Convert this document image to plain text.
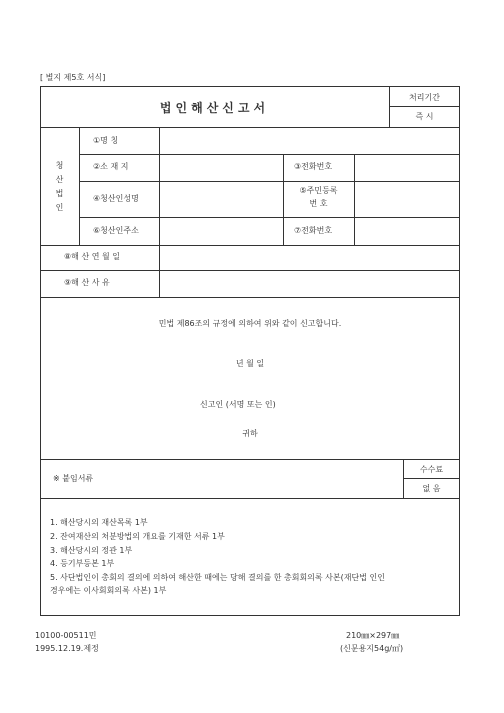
[ 별지 제5호 서식]
법인해산신고서
처리기간
즉 시
청
산
법
인
①명 칭
②소 재 지	③전화번호
④청산인성명
⑤주민등록
번 호
⑥청산인주소	⑦전화번호
⑧해 산 연 월 일
⑨해 산 사 유
민법 제86조의 규정에 의하여 위와 같이 신고합니다.
년 월 일
신고인 (서명 또는 인)
귀하
※ 붙임서류
수수료
없 음
1. 해산당시의 재산목록 1부
2. 잔여재산의 처분방법의 개요를 기재한 서류 1부
3. 해산당시의 정관 1부
4. 등기부등본 1부
5. 사단법인이 총회의 결의에 의하여 해산한 때에는 당해 결의를 한 총회회의록 사본(재단법 인인
경우에는 이사회회의록 사본) 1부
10100-00511민
1995.12.19.제정
210㎜×297㎜
(신문용지54g/㎡)
